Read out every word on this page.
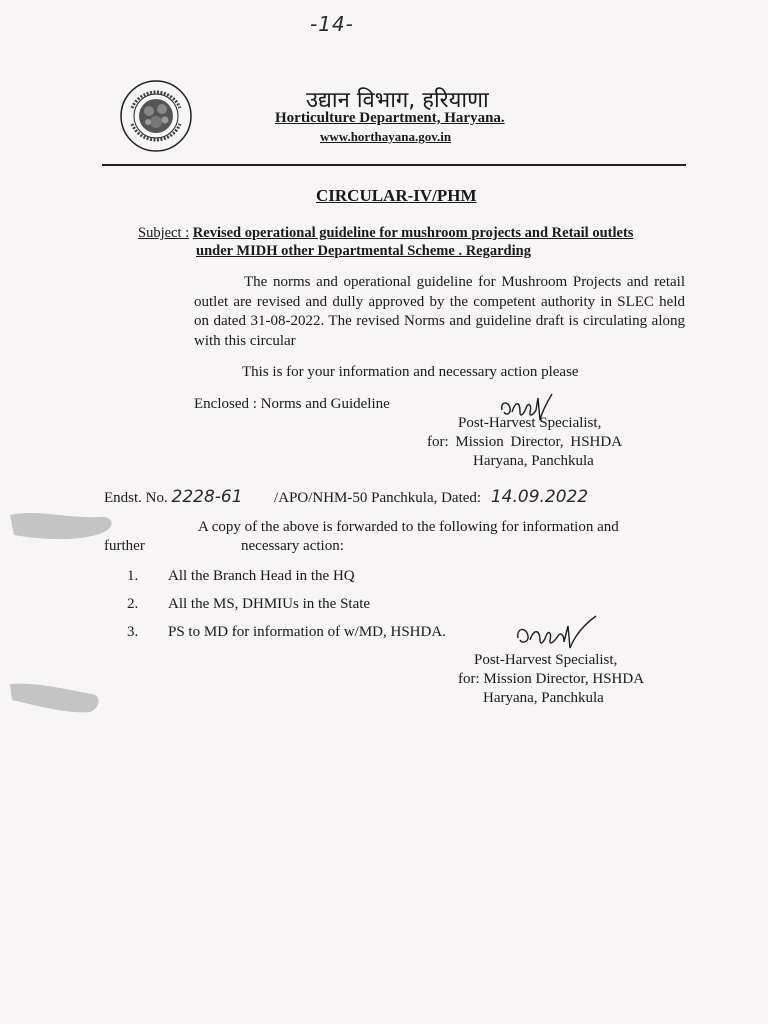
-14-
उद्यान विभाग, हरियाणा
Horticulture Department, Haryana.
www.horthayana.gov.in
CIRCULAR-IV/PHM
Subject : Revised operational guideline for mushroom projects and Retail outlets
under MIDH other Departmental Scheme . Regarding

The norms and operational guideline for Mushroom Projects and retail outlet are revised and dully approved by the competent authority in SLEC held on dated 31-08-2022. The revised Norms and guideline draft is circulating along with this circular

This is for your information and necessary action please
Enclosed : Norms and Guideline
Post-Harvest Specialist,
for: Mission Director, HSHDA
Haryana, Panchkula
Endst. No. 2228-61 /APO/NHM-50 Panchkula, Dated: 14.09.2022
A copy of the above is forwarded to the following for information and
further	necessary action:
1. All the Branch Head in the HQ
2. All the MS, DHMIUs in the State
3. PS to MD for information of w/MD, HSHDA.
Post-Harvest Specialist,
for: Mission Director, HSHDA
Haryana, Panchkula
